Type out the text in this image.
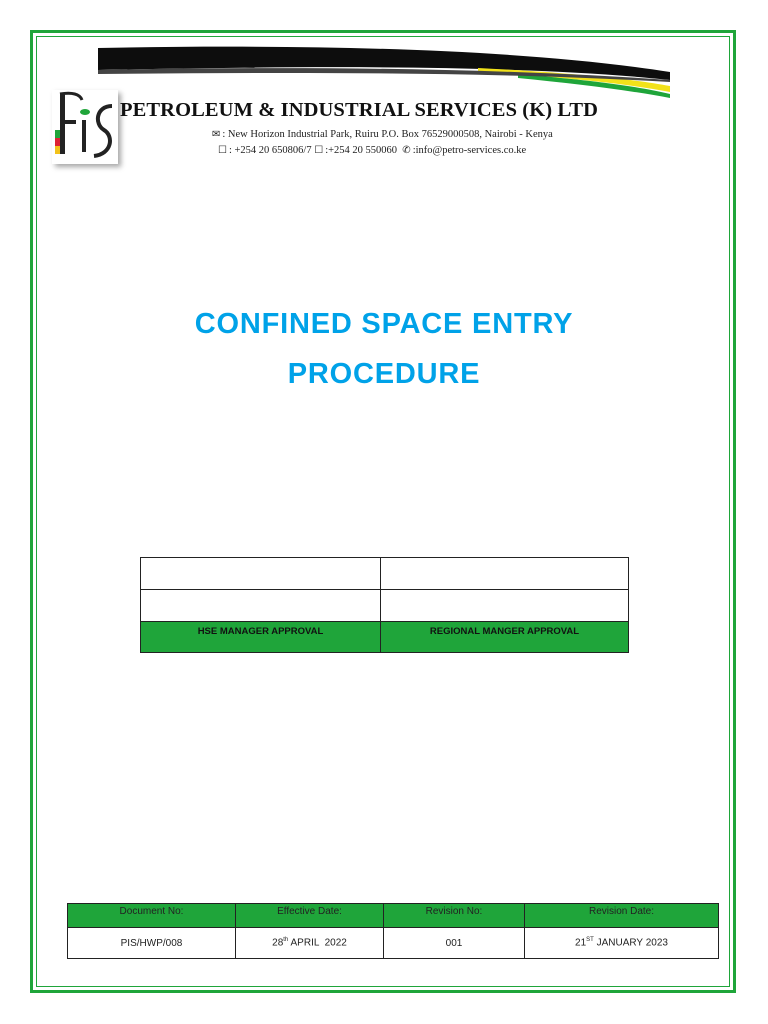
PETROLEUM & INDUSTRIAL SERVICES (K) LTD
✉ : New Horizon Industrial Park, Ruiru P.O. Box 76529000508, Nairobi - Kenya
☐ : +254 20 650806/7 ☐ :+254 20 550060 ✆ :info@petro-services.co.ke
CONFINED SPACE ENTRY
PROCEDURE

HSE MANAGER APPROVAL	REGIONAL MANGER APPROVAL
Document No:	Effective Date:	Revision No:	Revision Date:
PIS/HWP/008	28th APRIL  2022	001	21ST JANUARY 2023
